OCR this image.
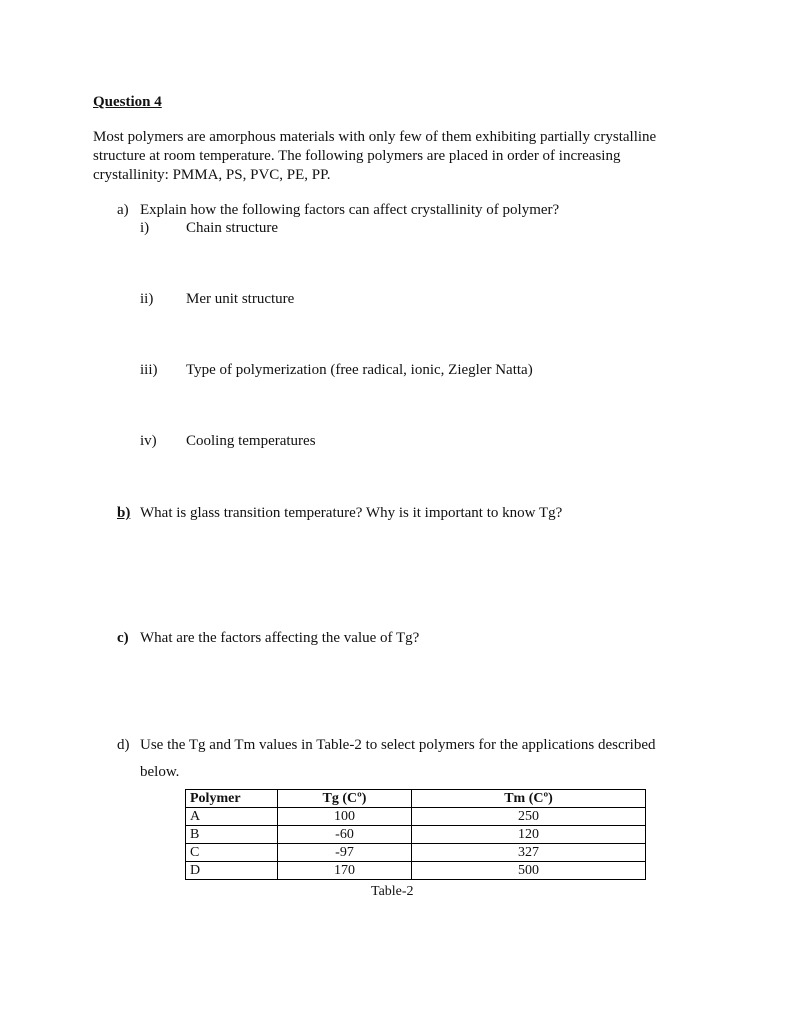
Question 4
Most polymers are amorphous materials with only few of them exhibiting partially crystalline structure at room temperature. The following polymers are placed in order of increasing crystallinity: PMMA, PS, PVC, PE, PP.
a) Explain how the following factors can affect crystallinity of polymer?
i) Chain structure
ii) Mer unit structure
iii) Type of polymerization (free radical, ionic, Ziegler Natta)
iv) Cooling temperatures
b) What is glass transition temperature? Why is it important to know Tg?
c) What are the factors affecting the value of Tg?
d) Use the Tg and Tm values in Table-2 to select polymers for the applications described
below.
Polymer	Tg (Cº)	Tm (Cº)
A	100	250
B	-60	120
C	-97	327
D	170	500
Table-2
